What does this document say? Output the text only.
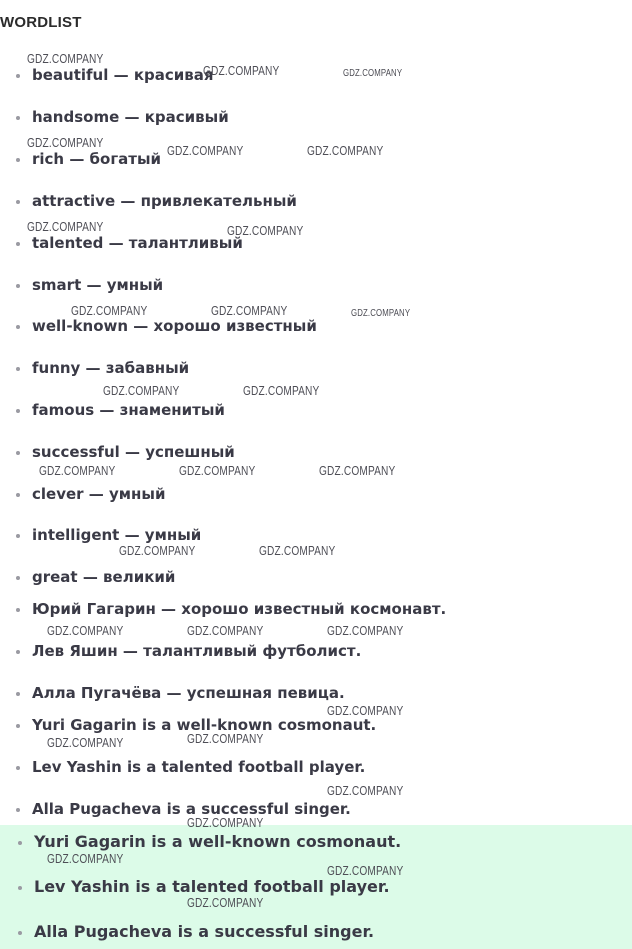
WORDLIST
beautiful — красивая
handsome — красивый
rich — богатый
attractive — привлекательный
talented — талантливый
smart — умный
well-known — хорошо известный
funny — забавный
famous — знаменитый
successful — успешный
clever — умный
intelligent — умный
great — великий
Юрий Гагарин — хорошо известный космонавт.
Лев Яшин — талантливый футболист.
Алла Пугачёва — успешная певица.
Yuri Gagarin is a well-known cosmonaut.
Lev Yashin is a talented football player.
Alla Pugacheva is a successful singer.
Yuri Gagarin is a well-known cosmonaut.
Lev Yashin is a talented football player.
Alla Pugacheva is a successful singer.
GDZ.COMPANY
GDZ.COMPANY	GDZ.COMPANY
GDZ.COMPANY
GDZ.COMPANY	GDZ.COMPANY
GDZ.COMPANY	GDZ.COMPANY
GDZ.COMPANY	GDZ.COMPANY	GDZ.COMPANY
GDZ.COMPANY	GDZ.COMPANY
GDZ.COMPANY	GDZ.COMPANY	GDZ.COMPANY
GDZ.COMPANY	GDZ.COMPANY
GDZ.COMPANY	GDZ.COMPANY	GDZ.COMPANY
GDZ.COMPANY
GDZ.COMPANY	GDZ.COMPANY
GDZ.COMPANY
GDZ.COMPANY
GDZ.COMPANY
GDZ.COMPANY
GDZ.COMPANY
